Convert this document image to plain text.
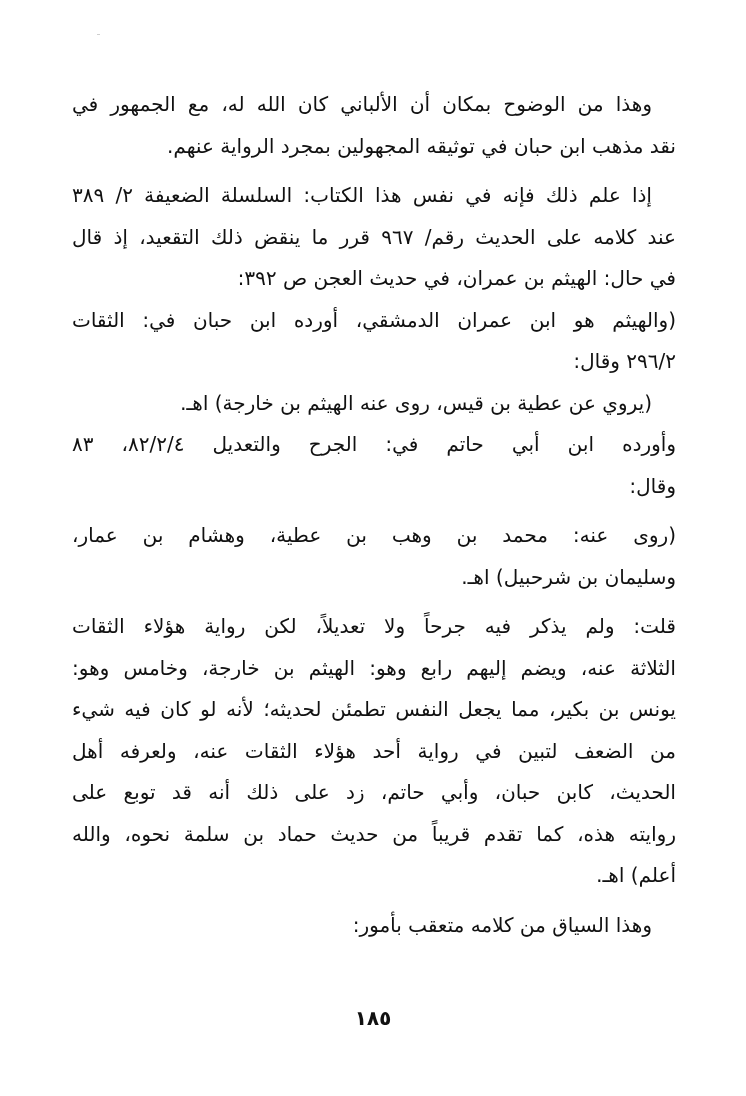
وهذا من الوضوح بمكان أن الألباني كان الله له، مع الجمهور في
نقد مذهب ابن حبان في توثيقه المجهولين بمجرد الرواية عنهم.
إذا علم ذلك فإنه في نفس هذا الكتاب: السلسلة الضعيفة ٢/ ٣٨٩
عند كلامه على الحديث رقم/ ٩٦٧ قرر ما ينقض ذلك التقعيد، إذ قال
في حال: الهيثم بن عمران، في حديث العجن ص ٣٩٢:
(والهيثم هو ابن عمران الدمشقي، أورده ابن حبان في: الثقات
٢٩٦/٢ وقال:
(يروي عن عطية بن قيس، روى عنه الهيثم بن خارجة) اهـ.
وأورده ابن أبي حاتم في: الجرح والتعديل ٨٢/٢/٤، ٨٣
وقال:
(روى عنه: محمد بن وهب بن عطية، وهشام بن عمار،
وسليمان بن شرحبيل) اهـ.
قلت: ولم يذكر فيه جرحاً ولا تعديلاً، لكن رواية هؤلاء الثقات
الثلاثة عنه، ويضم إليهم رابع وهو: الهيثم بن خارجة، وخامس وهو:
يونس بن بكير، مما يجعل النفس تطمئن لحديثه؛ لأنه لو كان فيه شيء
من الضعف لتبين في رواية أحد هؤلاء الثقات عنه، ولعرفه أهل
الحديث، كابن حبان، وأبي حاتم، زد على ذلك أنه قد توبع على
روايته هذه، كما تقدم قريباً من حديث حماد بن سلمة نحوه، والله
أعلم) اهـ.
وهذا السياق من كلامه متعقب بأمور:
١٨٥
